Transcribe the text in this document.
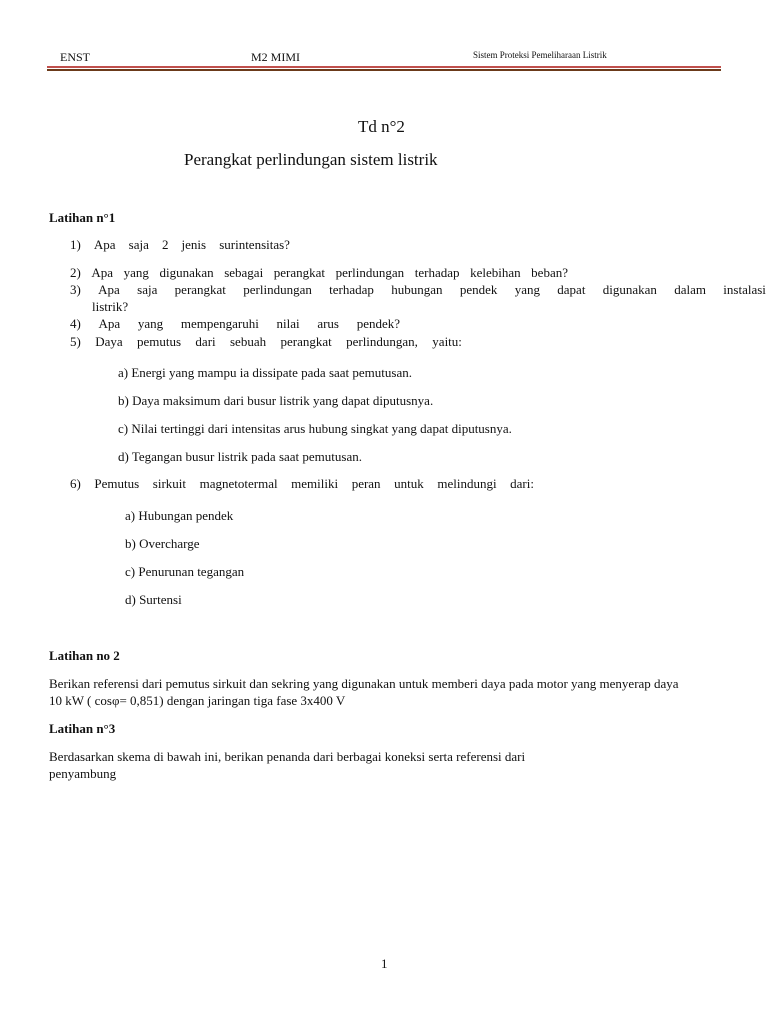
ENST	M2 MIMI	Sistem Proteksi Pemeliharaan Listrik
Td n°2
Perangkat perlindungan sistem listrik
Latihan n°1
1) Apa saja 2 jenis surintensitas?
2) Apa yang digunakan sebagai perangkat perlindungan terhadap kelebihan beban?
3) Apa saja perangkat perlindungan terhadap hubungan pendek yang dapat digunakan dalam instalasi
listrik?
4) Apa yang mempengaruhi nilai arus pendek?
5) Daya pemutus dari sebuah perangkat perlindungan, yaitu:
a) Energi yang mampu ia dissipate pada saat pemutusan.
b) Daya maksimum dari busur listrik yang dapat diputusnya.
c) Nilai tertinggi dari intensitas arus hubung singkat yang dapat diputusnya.
d) Tegangan busur listrik pada saat pemutusan.
6) Pemutus sirkuit magnetotermal memiliki peran untuk melindungi dari:
a) Hubungan pendek
b) Overcharge
c) Penurunan tegangan
d) Surtensi
Latihan no 2
Berikan referensi dari pemutus sirkuit dan sekring yang digunakan untuk memberi daya pada motor yang menyerap daya
10 kW ( cosφ= 0,851) dengan jaringan tiga fase 3x400 V
Latihan n°3
Berdasarkan skema di bawah ini, berikan penanda dari berbagai koneksi serta referensi dari
penyambung
1
